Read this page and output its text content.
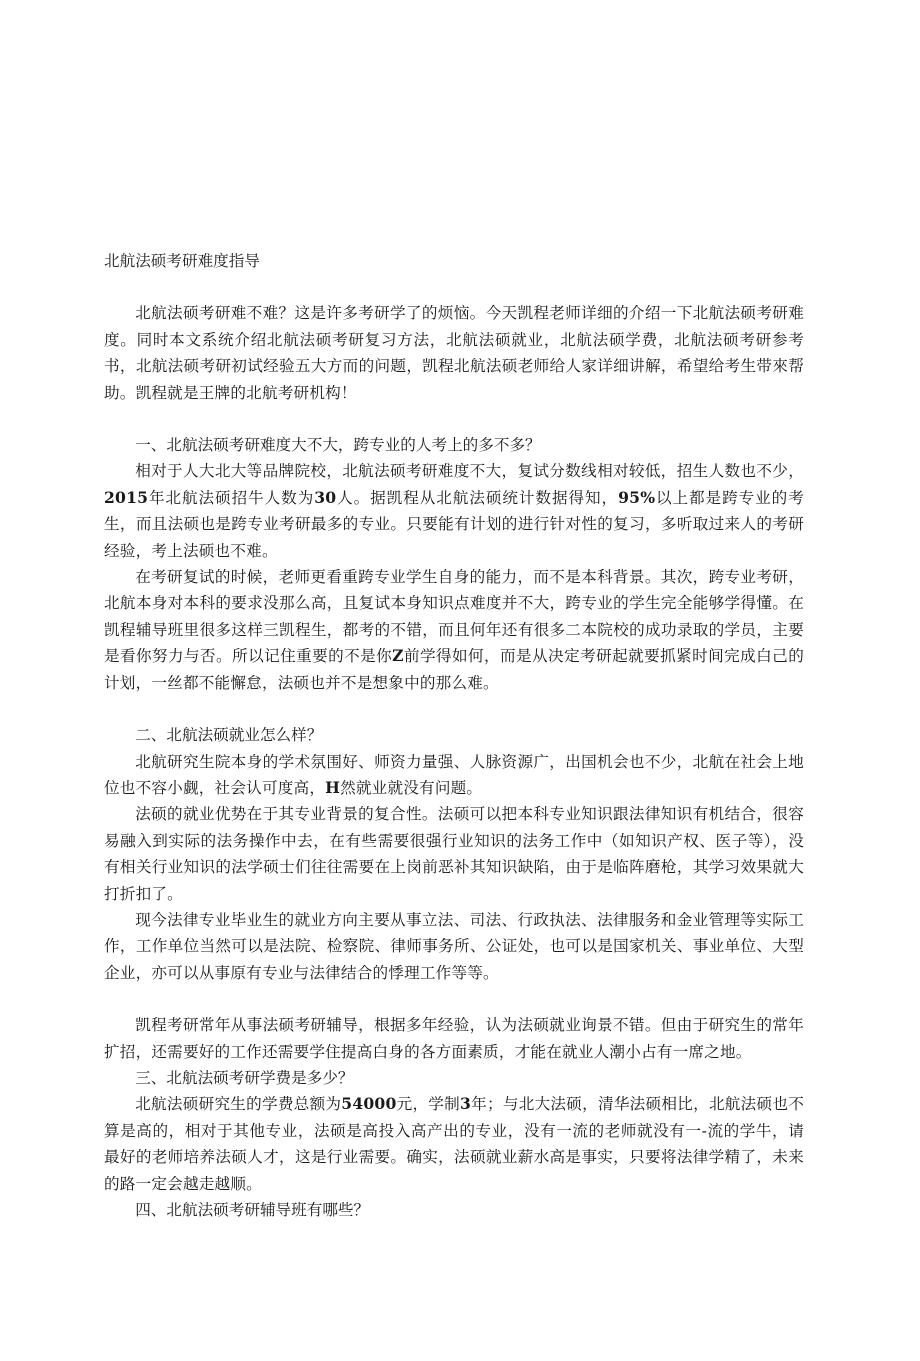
北航法硕考研难度指导

北航法硕考研难不难？这是许多考研学了的烦恼。今天凯程老师详细的介绍一下北航法硕考研难度。同时本文系统介绍北航法硕考研复习方法，北航法硕就业，北航法硕学费，北航法硕考研参考书，北航法硕考研初试经验五大方而的问题，凯程北航法硕老师给人家详细讲解，希望给考生带來帮助。凯程就是王牌的北航考研机构！

一、北航法硕考研难度大不大，跨专业的人考上的多不多？

相对于人大北大等品牌院校，北航法硕考研难度不大，复试分数线相对较低，招生人数也不少，2015年北航法硕招牛人数为30人。据凯程从北航法硕统计数据得知，95%以上都是跨专业的考生，而且法硕也是跨专业考研最多的专业。只要能有计划的进行针对性的复习，多听取过来人的考研经验，考上法硕也不难。

在考研复试的时候，老师更看重跨专业学生自身的能力，而不是本科背景。其次，跨专业考研，北航本身对本科的要求没那么高，且复试本身知识点难度并不大，跨专业的学生完全能够学得懂。在凯程辅导班里很多这样三凯程生，都考的不错，而且何年还有很多二本院校的成功录取的学员，主要是看你努力与否。所以记住重要的不是你Z前学得如何，而是从决定考研起就要抓紧时间完成白己的计划，一丝都不能懈怠，法硕也并不是想象中的那么难。

二、北航法硕就业怎么样？

北航研究生院本身的学术氛围好、师资力量强、人脉资源广，出国机会也不少，北航在社会上地位也不容小觑，社会认可度高，H然就业就没有问题。

法硕的就业优势在于其专业背景的复合性。法硕可以把本科专业知识跟法律知识有机结合，很容易融入到实际的法务操作中去，在有些需要很强行业知识的法务工作中（如知识产权、医子等），没有相关行业知识的法学硕士们往往需要在上岗前恶补其知识缺陷，由于是临阵磨枪，其学习效果就大打折扣了。

现今法律专业毕业生的就业方向主要从事立法、司法、行政执法、法律服务和金业管理等实际工作，工作单位当然可以是法院、检察院、律师事务所、公证处，也可以是国家机关、事业单位、大型企业，亦可以从事原有专业与法律结合的悸理工作等等。

凯程考研常年从事法硕考研辅导，根据多年经验，认为法硕就业询景不错。但由于研究生的常年扩招，还需要好的工作还需要学住提高白身的各方面素质，才能在就业人潮小占有一席之地。

三、北航法硕考研学费是多少？

北航法硕研究生的学费总额为54000元，学制3年；与北大法硕，清华法硕相比，北航法硕也不算是高的，相对于其他专业，法硕是高投入高产出的专业，没有一流的老师就没有一-流的学牛，请最好的老师培养法硕人才，这是行业需要。确实，法硕就业薪水高是事实，只要将法律学精了，未来的路一定会越走越顺。

四、北航法硕考研辅导班有哪些？
